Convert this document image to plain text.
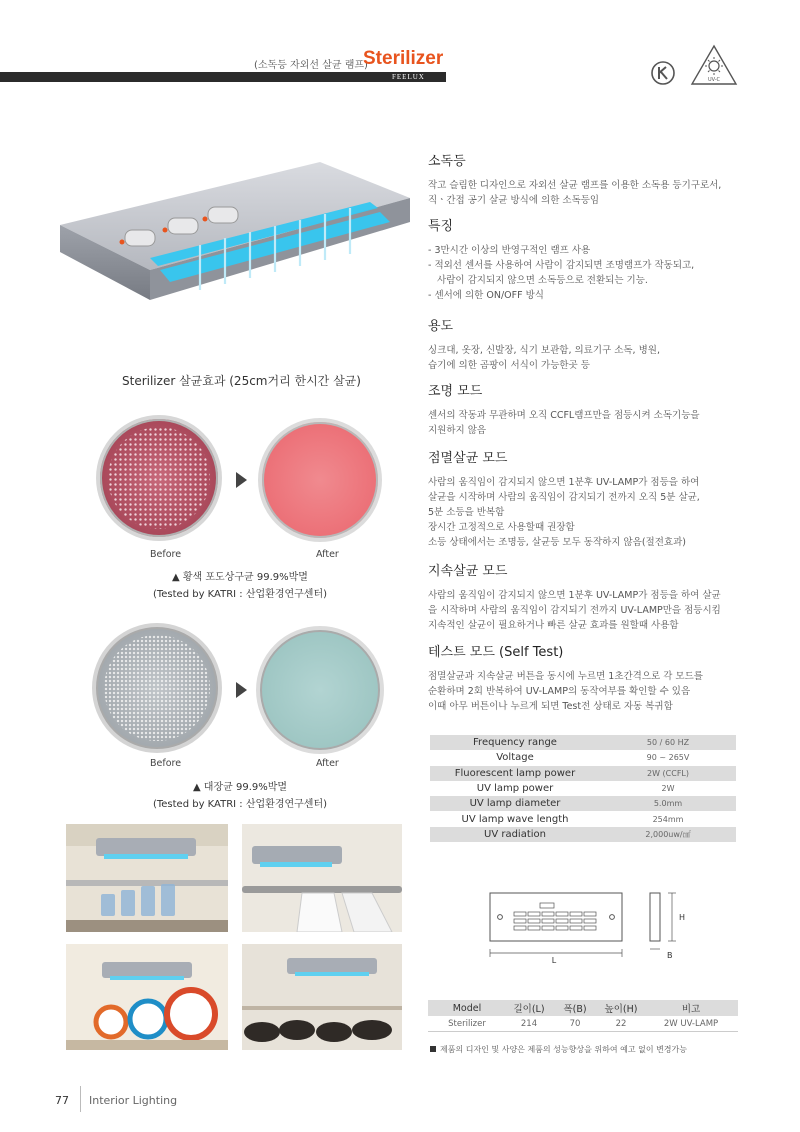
FEELUX
(소독등 자외선 살균 램프)
Sterilizer
UV-C
소독등

작고 슬림한 디자인으로 자외선 살균 램프를 이용한 소독용 등기구로서,

직ㆍ간접 공기 살균 방식에 의한 소독등임

특징
- 3만시간 이상의 반영구적인 램프 사용
- 적외선 센서를 사용하여 사람이 감지되면 조명램프가 작동되고,
사람이 감지되지 않으면 소독등으로 전환되는 기능.
- 센서에 의한 ON/OFF 방식
용도

싱크대, 옷장, 신발장, 식기 보관함, 의료기구 소독, 병원,

습기에 의한 곰팡이 서식이 가능한곳 등

조명 모드

센서의 작동과 무관하며 오직 CCFL램프만을 점등시켜 소독기능을

지원하지 않음

점멸살균 모드

사람의 움직임이 감지되지 않으면 1분후 UV-LAMP가 점등을 하여

살균을 시작하며 사람의 움직임이 감지되기 전까지 오직 5분 살균,

5분 소등을 반복함

장시간 고정적으로 사용할때 권장함

소등 상태에서는 조명등, 살균등 모두 동작하지 않음(절전효과)

지속살균 모드

사람의 움직임이 감지되지 않으면 1분후 UV-LAMP가 점등을 하여 살균

을 시작하며 사람의 움직임이 감지되기 전까지 UV-LAMP만을 점등시킴

지속적인 살균이 필요하거나 빠른 살균 효과를 원할때 사용함

테스트 모드 (Self Test)

점멸살균과 지속살균 버튼을 동시에 누르면 1초간격으로 각 모드를

순환하며 2회 반복하여 UV-LAMP의 동작여부를 확인할 수 있음

이때 아무 버튼이나 누르게 되면 Test전 상태로 자동 복귀함

Sterilizer 살균효과 (25cm거리 한시간 살균)
Before	After
▲ 황색 포도상구균 99.9%박멸
(Tested by KATRI : 산업환경연구센터)
Before	After
▲ 대장균 99.9%박멸
(Tested by KATRI : 산업환경연구센터)
Frequency range	50 / 60 HZ
Voltage	90 ~ 265V
Fluorescent lamp power	2W (CCFL)
UV lamp power	2W
UV lamp diameter	5.0mm
UV lamp wave length	254mm
UV radiation	2,000uw/㎠
L
H
B
Model	길이(L)	폭(B)	높이(H)	비고
Sterilizer	214	70	22	2W UV-LAMP
제품의 디자인 및 사양은 제품의 성능향상을 위하여 예고 없이 변경가능
77 Interior Lighting
